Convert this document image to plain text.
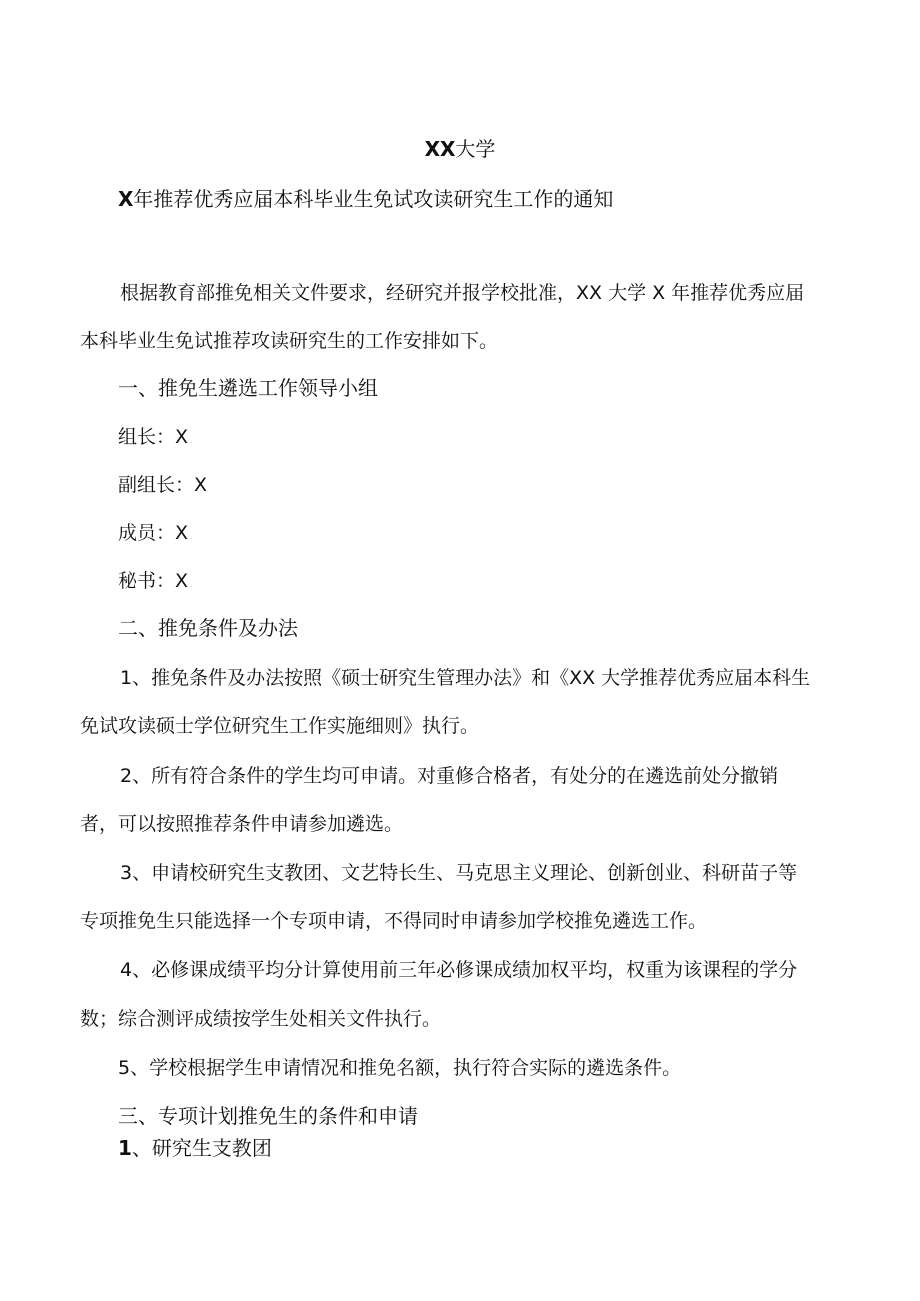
XX大学
X年推荐优秀应届本科毕业生免试攻读研究生工作的通知
根据教育部推免相关文件要求，经研究并报学校批准，XX 大学 X 年推荐优秀应届
本科毕业生免试推荐攻读研究生的工作安排如下。
一、推免生遴选工作领导小组
组长：X
副组长：X
成员：X
秘书：X
二、推免条件及办法
1、推免条件及办法按照《硕士研究生管理办法》和《XX 大学推荐优秀应届本科生
免试攻读硕士学位研究生工作实施细则》执行。
2、所有符合条件的学生均可申请。对重修合格者，有处分的在遴选前处分撤销
者，可以按照推荐条件申请参加遴选。
3、申请校研究生支教团、文艺特长生、马克思主义理论、创新创业、科研苗子等
专项推免生只能选择一个专项申请，不得同时申请参加学校推免遴选工作。
4、必修课成绩平均分计算使用前三年必修课成绩加权平均，权重为该课程的学分
数；综合测评成绩按学生处相关文件执行。
5、学校根据学生申请情况和推免名额，执行符合实际的遴选条件。
三、专项计划推免生的条件和申请
1、研究生支教团
